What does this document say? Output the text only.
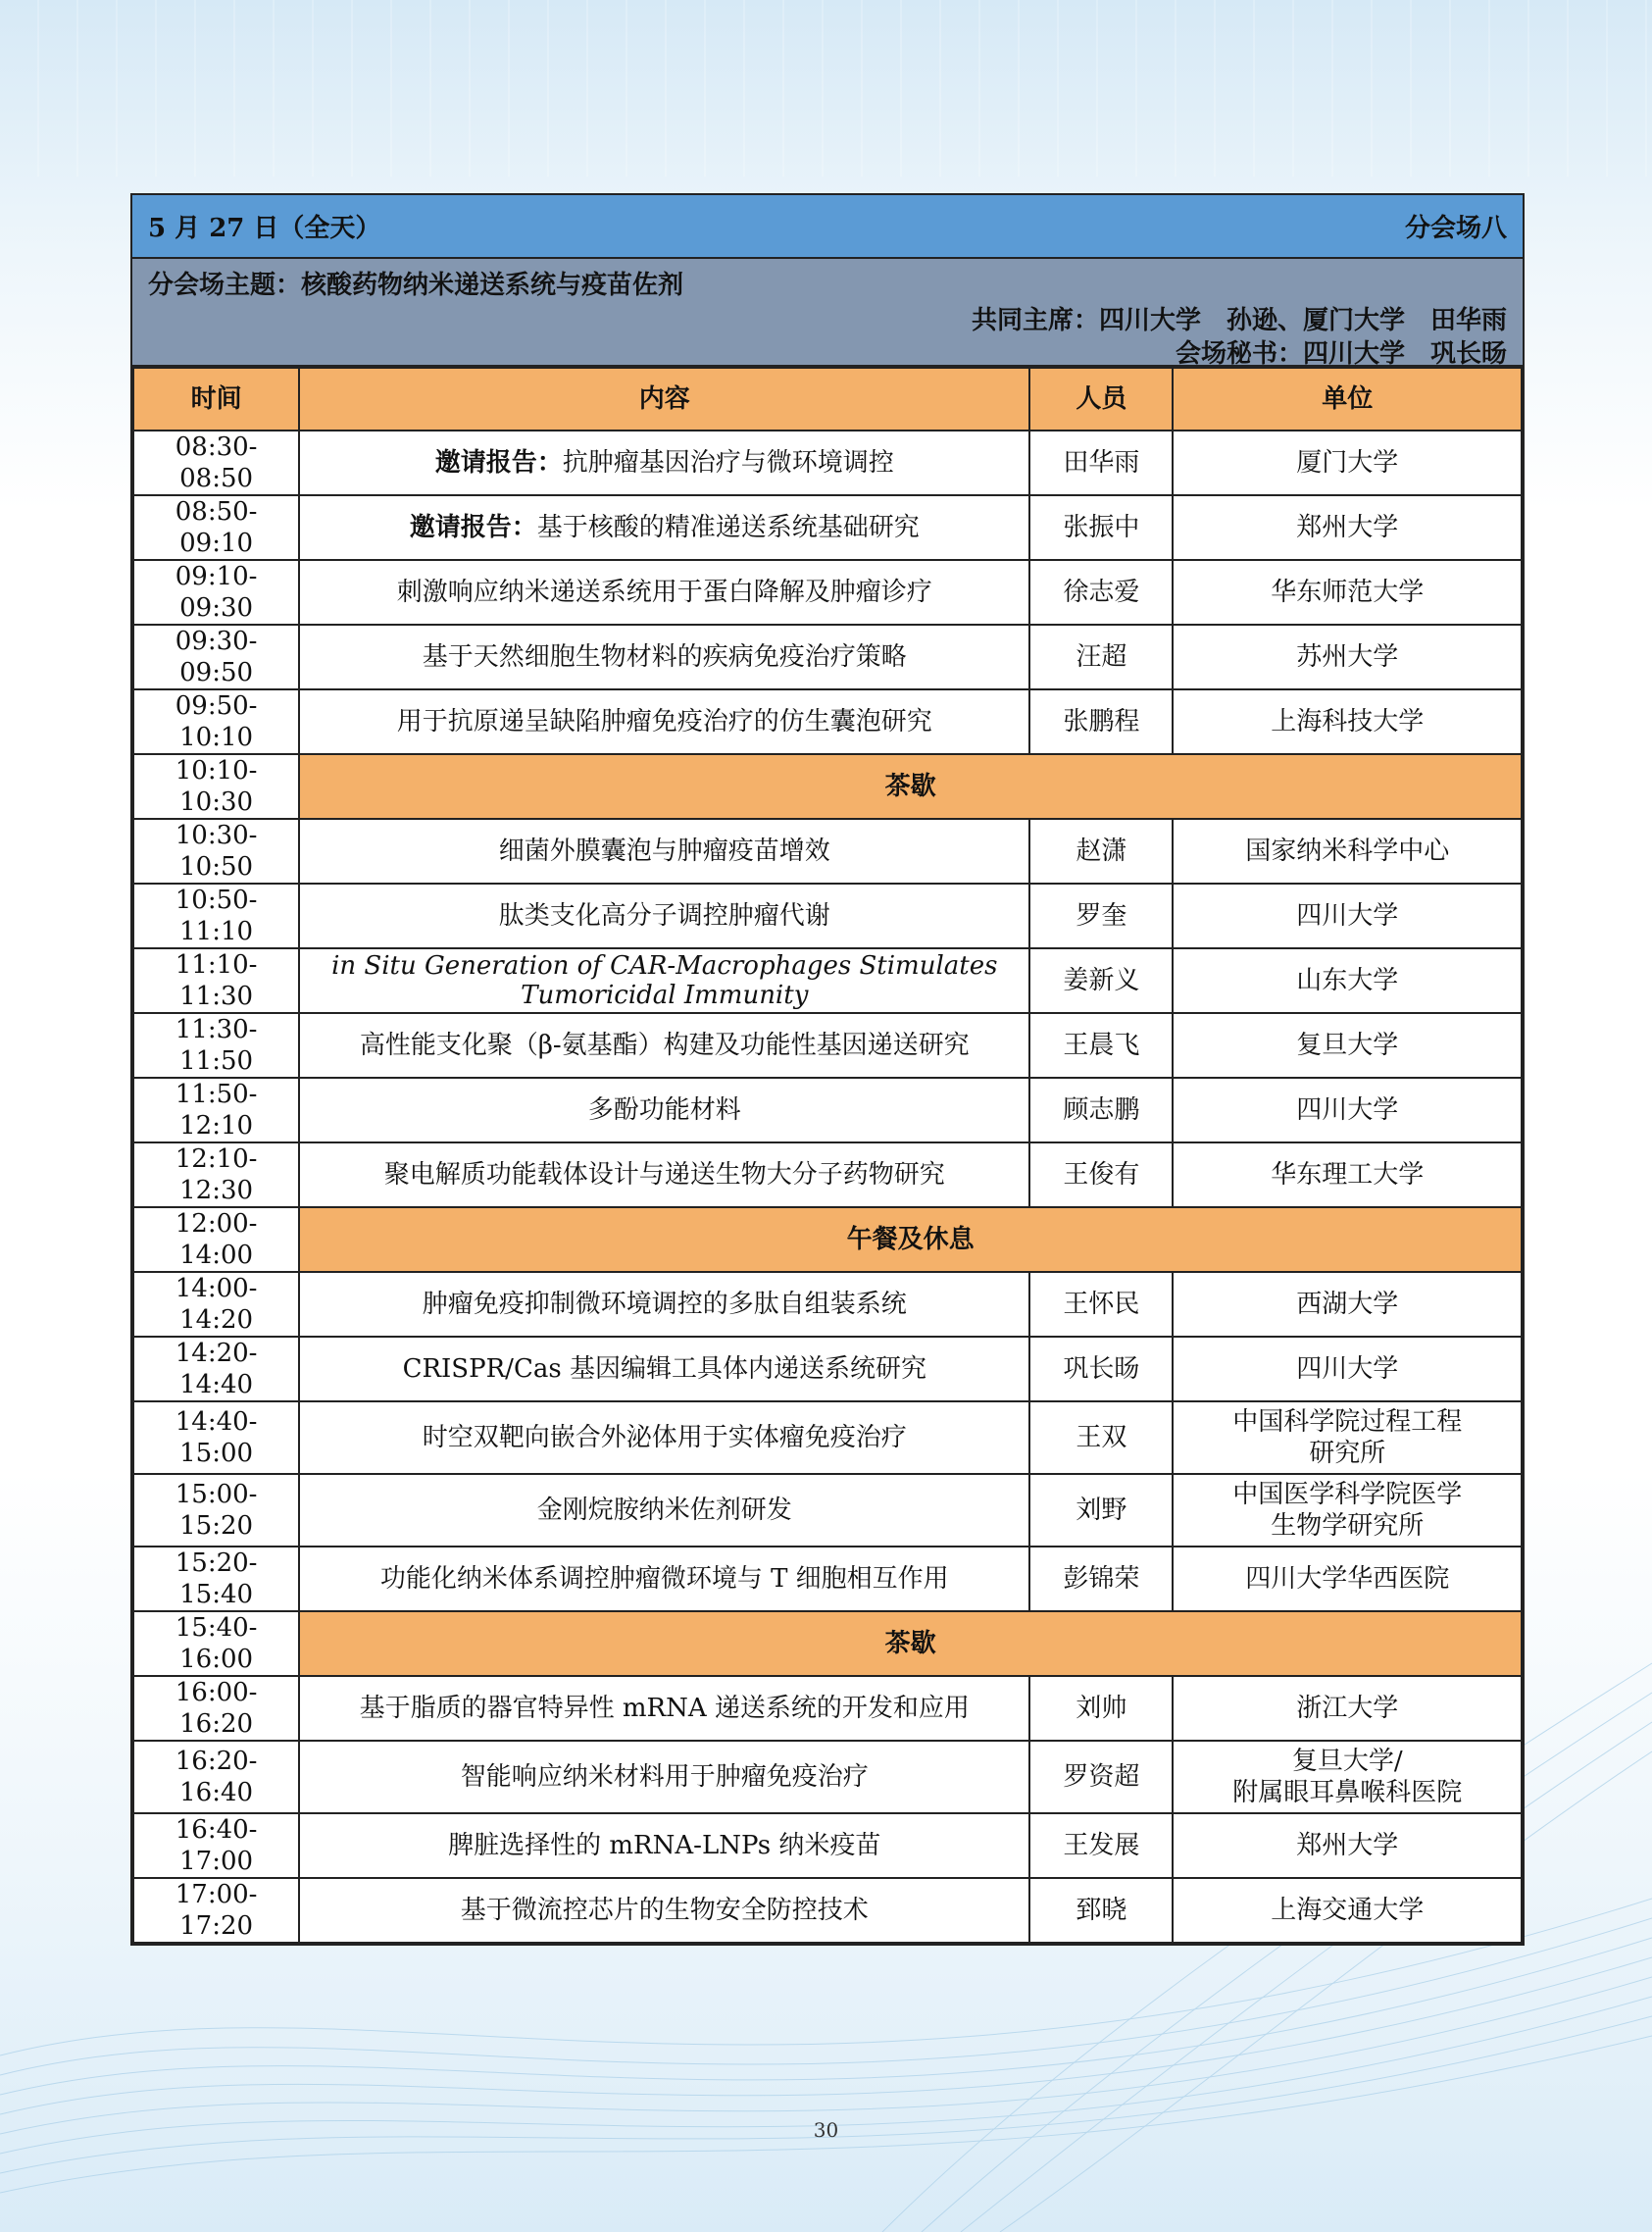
5 月 27 日（全天）	分会场八
分会场主题：核酸药物纳米递送系统与疫苗佐剂
共同主席：四川大学　孙逊、厦门大学　田华雨
会场秘书：四川大学　巩长旸
时间	内容	人员	单位
08:30-08:50	邀请报告：抗肿瘤基因治疗与微环境调控	田华雨	厦门大学
08:50-09:10	邀请报告：基于核酸的精准递送系统基础研究	张振中	郑州大学
09:10-09:30	刺激响应纳米递送系统用于蛋白降解及肿瘤诊疗	徐志爱	华东师范大学
09:30-09:50	基于天然细胞生物材料的疾病免疫治疗策略	汪超	苏州大学
09:50-10:10	用于抗原递呈缺陷肿瘤免疫治疗的仿生囊泡研究	张鹏程	上海科技大学
10:10-10:30	茶歇		
10:30-10:50	细菌外膜囊泡与肿瘤疫苗增效	赵潇	国家纳米科学中心
10:50-11:10	肽类支化高分子调控肿瘤代谢	罗奎	四川大学
11:10-11:30	in Situ Generation of CAR-Macrophages Stimulates
Tumoricidal Immunity	姜新义	山东大学
11:30-11:50	高性能支化聚（β-氨基酯）构建及功能性基因递送研究	王晨飞	复旦大学
11:50-12:10	多酚功能材料	顾志鹏	四川大学
12:10-12:30	聚电解质功能载体设计与递送生物大分子药物研究	王俊有	华东理工大学
12:00-14:00	午餐及休息		
14:00-14:20	肿瘤免疫抑制微环境调控的多肽自组装系统	王怀民	西湖大学
14:20-14:40	CRISPR/Cas 基因编辑工具体内递送系统研究	巩长旸	四川大学
14:40-15:00	时空双靶向嵌合外泌体用于实体瘤免疫治疗	王双	中国科学院过程工程
研究所
15:00-15:20	金刚烷胺纳米佐剂研发	刘野	中国医学科学院医学
生物学研究所
15:20-15:40	功能化纳米体系调控肿瘤微环境与 T 细胞相互作用	彭锦荣	四川大学华西医院
15:40-16:00	茶歇		
16:00-16:20	基于脂质的器官特异性 mRNA 递送系统的开发和应用	刘帅	浙江大学
16:20-16:40	智能响应纳米材料用于肿瘤免疫治疗	罗资超	复旦大学/
附属眼耳鼻喉科医院
16:40-17:00	脾脏选择性的 mRNA-LNPs 纳米疫苗	王发展	郑州大学
17:00-17:20	基于微流控芯片的生物安全防控技术	郅晓	上海交通大学
30
